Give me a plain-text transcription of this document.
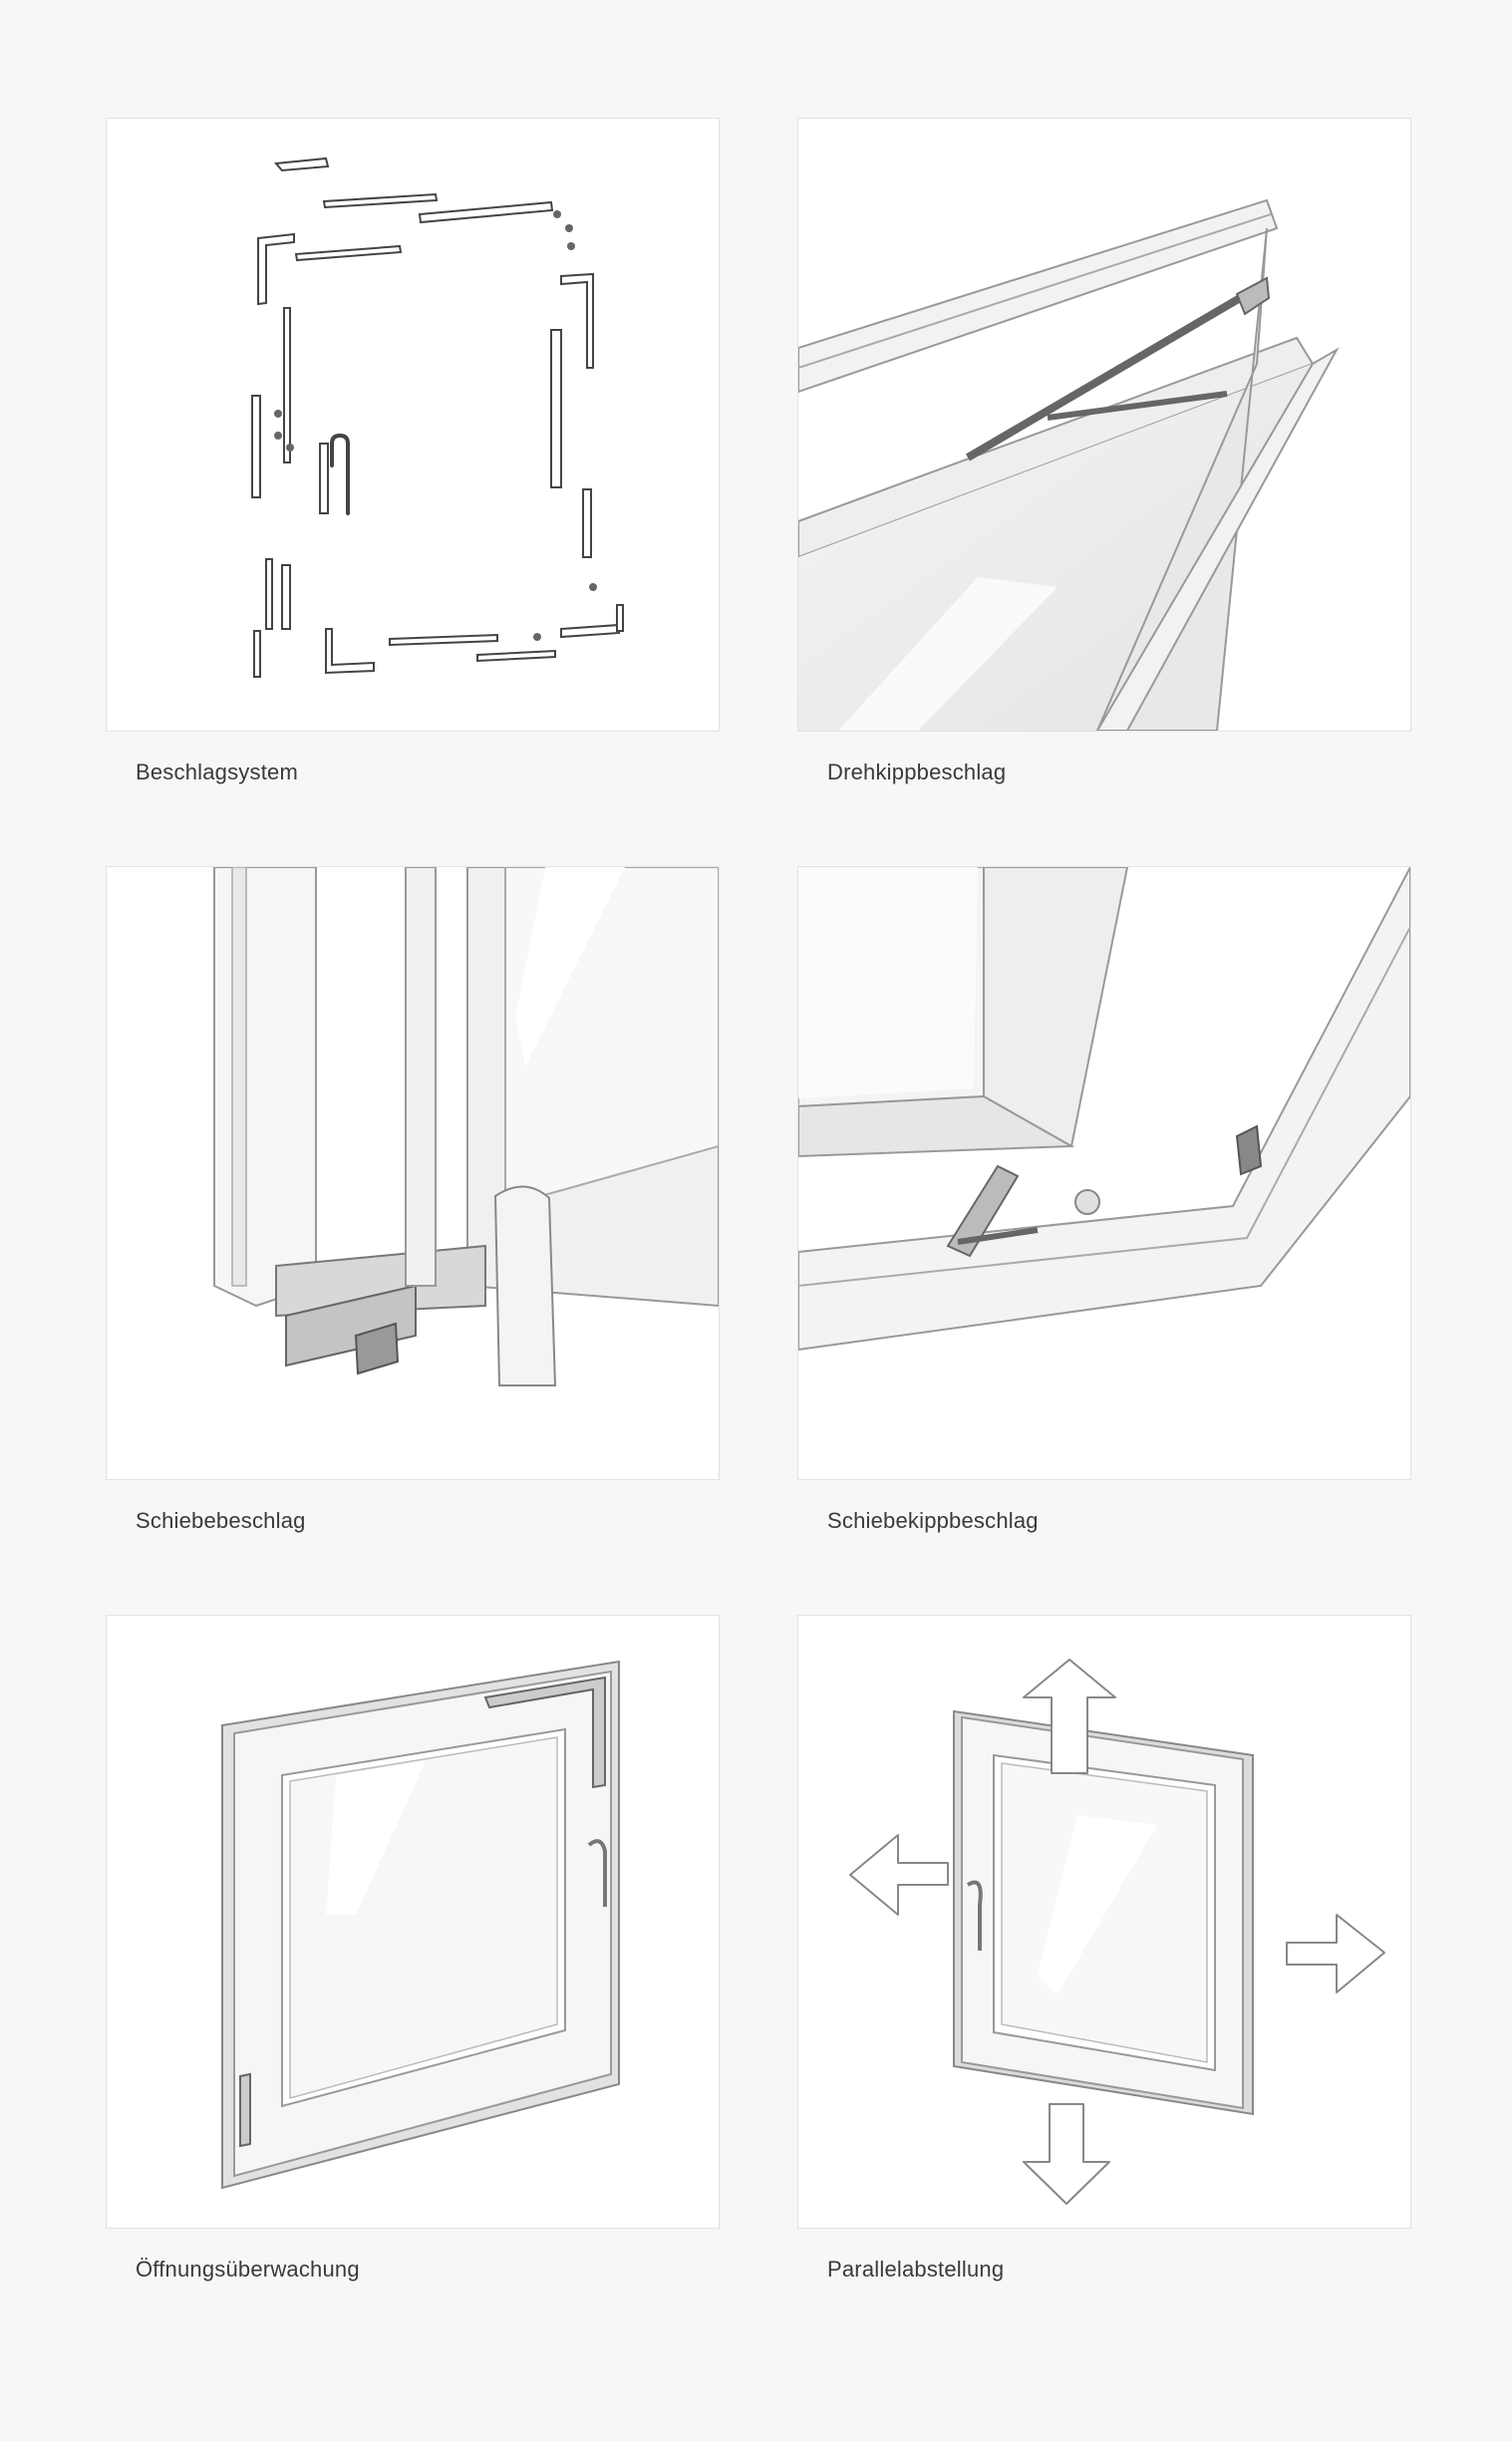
Beschlagsystem	Drehkippbeschlag
Schiebebeschlag	Schiebekippbeschlag
Öffnungsüberwachung	Parallelabstellung
